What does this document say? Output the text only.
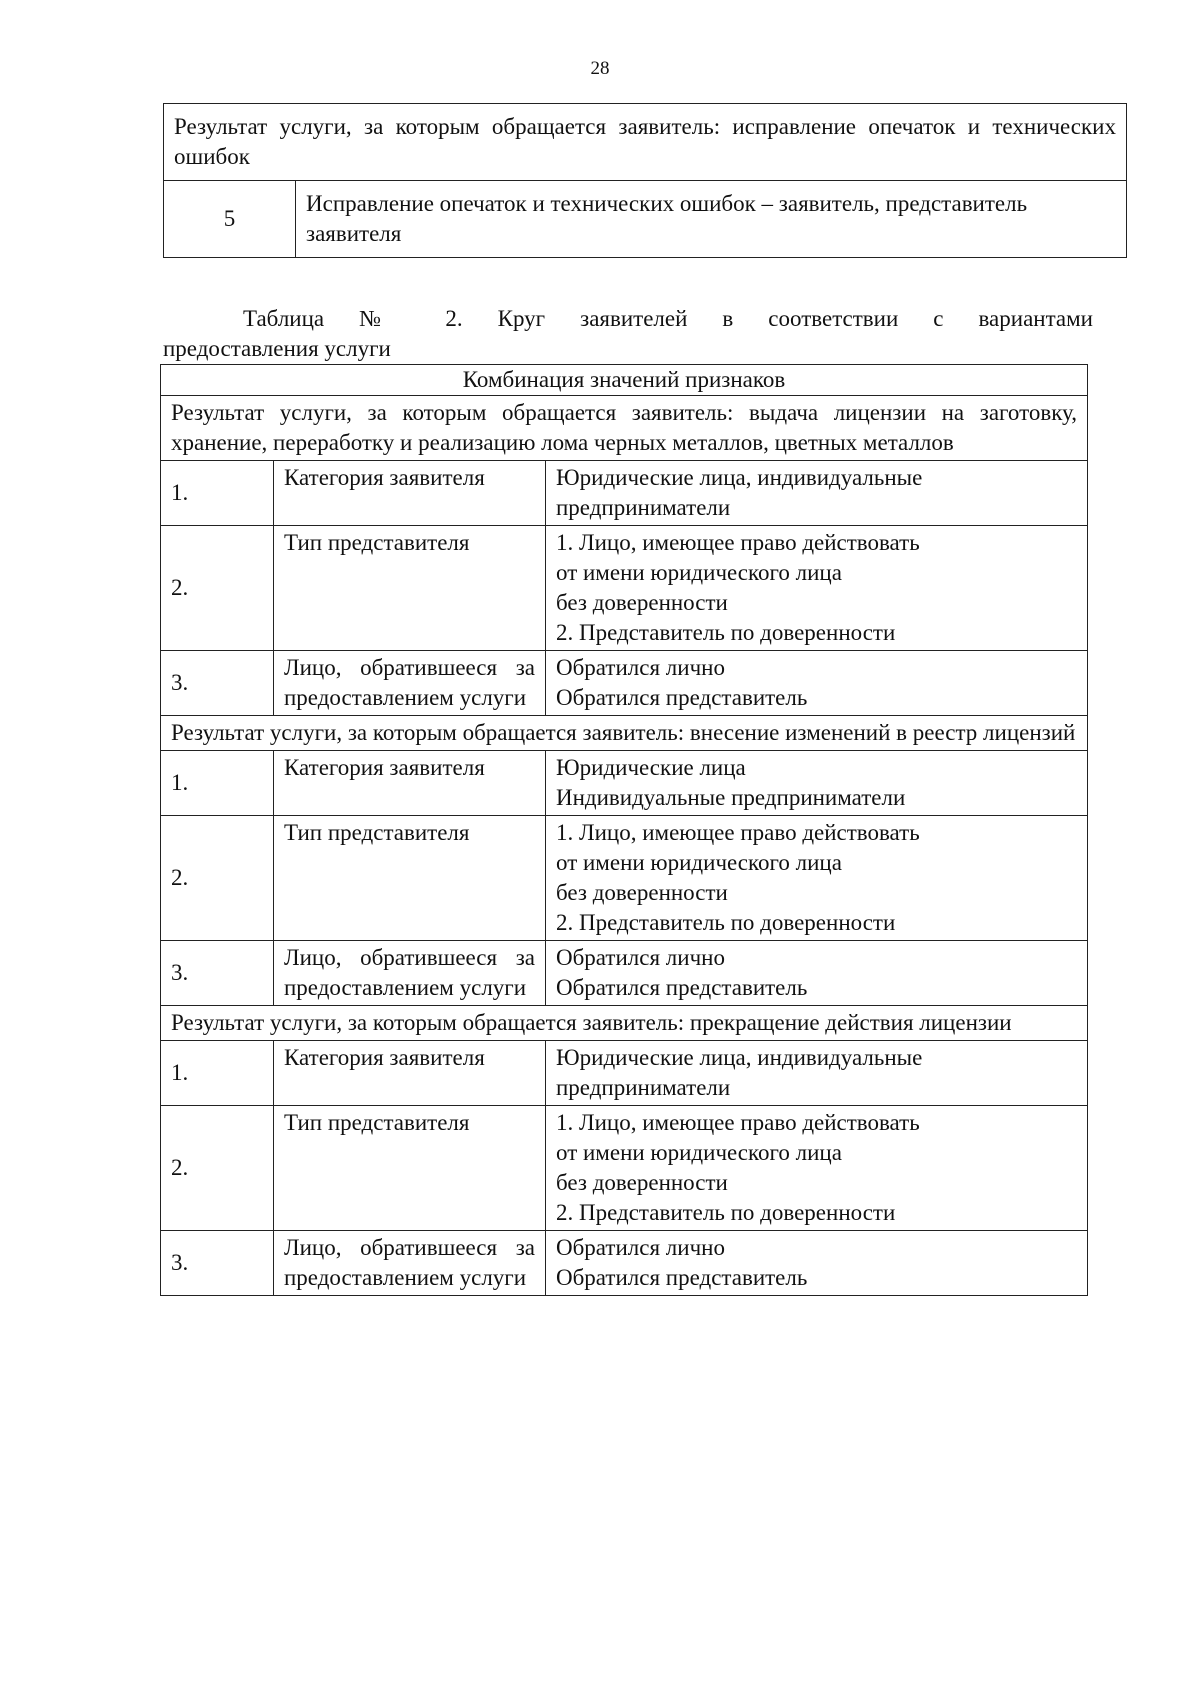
28
Результат услуги, за которым обращается заявитель: исправление опечаток и технических ошибок
5	Исправление опечаток и технических ошибок – заявитель, представитель заявителя
Таблица № 2. Круг заявителей в соответствии с вариантами
предоставления услуги
Комбинация значений признаков		
Результат услуги, за которым обращается заявитель: выдача лицензии на заготовку, хранение, переработку и реализацию лома черных металлов, цветных металлов		
1.	Категория заявителя	Юридические лица, индивидуальные
предприниматели

2.	Тип представителя	1. Лицо, имеющее право действовать
от имени юридического лица
без доверенности
2. Представитель по доверенности

3.	Лицо, обратившееся за предоставлением услуги	Обратился лично
Обратился представитель

Результат услуги, за которым обращается заявитель: внесение изменений в реестр лицензий		
1.	Категория заявителя	Юридические лица
Индивидуальные предприниматели

2.	Тип представителя	1. Лицо, имеющее право действовать
от имени юридического лица
без доверенности
2. Представитель по доверенности

3.	Лицо, обратившееся за предоставлением услуги	Обратился лично
Обратился представитель

Результат услуги, за которым обращается заявитель: прекращение действия лицензии		
1.	Категория заявителя	Юридические лица, индивидуальные
предприниматели

2.	Тип представителя	1. Лицо, имеющее право действовать
от имени юридического лица
без доверенности
2. Представитель по доверенности

3.	Лицо, обратившееся за предоставлением услуги	Обратился лично
Обратился представитель
